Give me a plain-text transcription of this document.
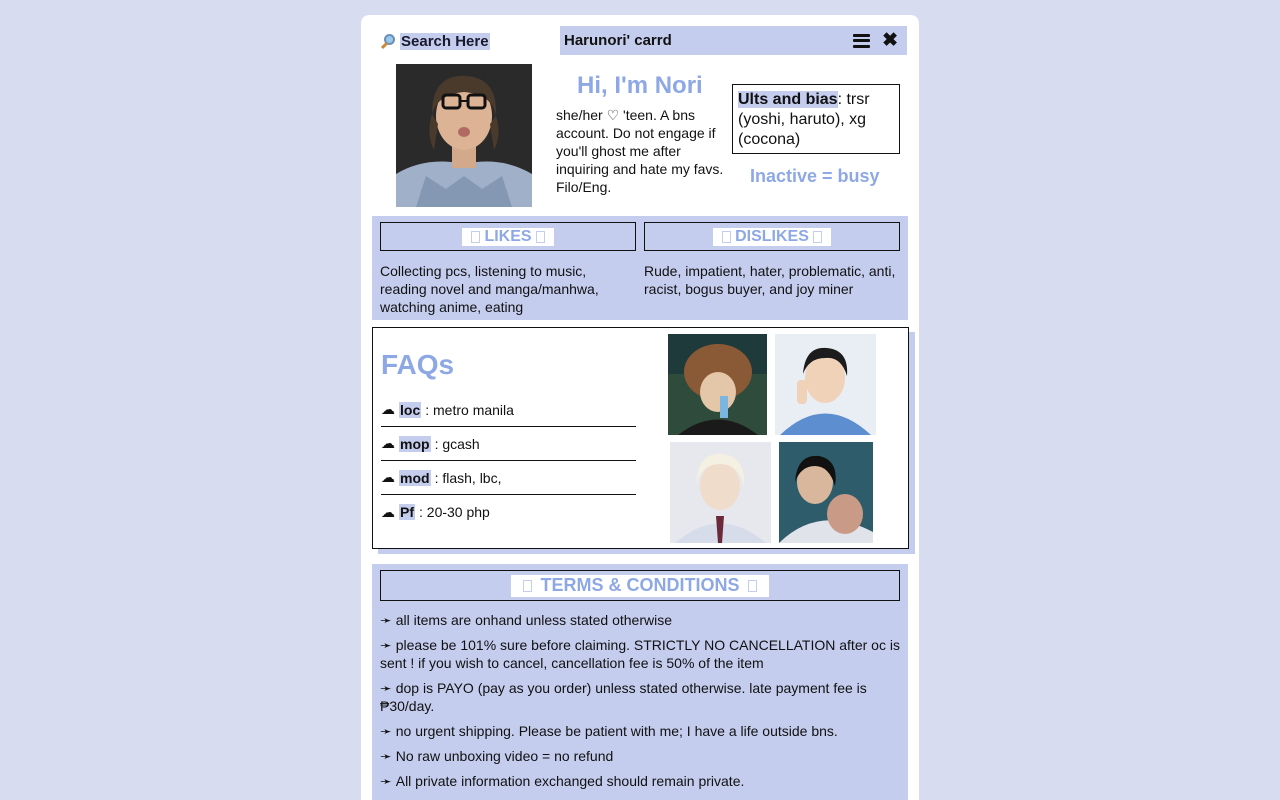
Search Here	Harunori' carrd	✖
Hi, I'm Nori
she/her ♡ 'teen. A bns account. Do not engage if you'll ghost me after inquiring and hate my favs. Filo/Eng.
Ults and bias: trsr (yoshi, haruto), xg (cocona)
Inactive = busy
LIKES
Collecting pcs, listening to music, reading novel and manga/manhwa, watching anime, eating
DISLIKES
Rude, impatient, hater, problematic, anti, racist, bogus buyer, and joy miner
FAQs
☁ loc : metro manila
☁ mop : gcash
☁ mod : flash, lbc,
☁ Pf : 20-30 php
TERMS & CONDITIONS
➛ all items are onhand unless stated otherwise
➛ please be 101% sure before claiming. STRICTLY NO CANCELLATION after oc is sent ! if you wish to cancel, cancellation fee is 50% of the item
➛ dop is PAYO (pay as you order) unless stated otherwise. late payment fee is ₱30/day.
➛ no urgent shipping. Please be patient with me; I have a life outside bns.
➛ No raw unboxing video = no refund
➛ All private information exchanged should remain private.
